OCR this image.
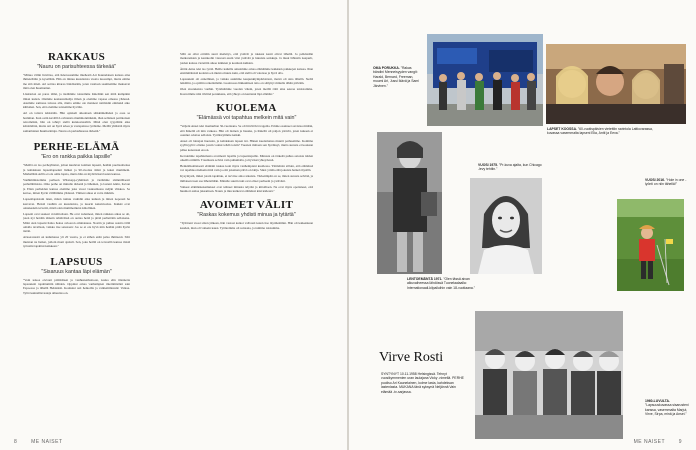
RAKKAUS
"Nauru on parisuhteessa tärkeää"

"Minua väliin huvittaa, että ikäerossamme miehestä Ari Kaunelaisen kanssa aina ihmetellään ja kysellään. Hän on minua kuusitoista vuotta nuorempi, mutta emme me sitä mieti. Ari soittaa kitaraa bändissään, joten vaatisan saamiemme maksavat mitä olen huomannut.

Läsnäolon on paras tämä, ja tiedämme toistemme ääneltäki sen mitä kumpikin ilman kuden. Olemme keskustamaltja ilman ja olemme vapaaa omassa yhdessä. Asumme samassa talossa alla, mutta emme ole mennest naimisiin emmekä aiko kihloiksi. Sen, että olemme toistemme hyvään.

Ari on taitava käsistään. Hän opiskeli aikoinaan säikkämeiheksi ja osaa se homman. Kun ostin kevällä Lovinansta mummonmökkin, ihan sellaisen perinteisen retromökin, hän on tehnyt siellä kunnostustöitä. Minä olen tyypiltäni aika kärsimätön, mutta Ari on hyvä arkea ja vastapainoa työlleme. Meillä yhdistää myös samanlainen huumorintaju. Nauru on parisuhteessa tärkeää."

PERHE-ELÄMÄ
"Ero on rankka paikka lapsille"

"Meillä on iso perheyhteisö, johon kuuluvat kolmen lapseni, heidän puolisoittensa ja kahdeksan lapsenlapsenni lisäksi ja 90-vuotias äitini ja kaksi mummeni. Miehellään Arilla ei ole omia lapsia, mutta hän on myötävässä lasten kanssa.

Vanhimmistemme perheen Whatsapp-ryhmässä ja vietämme säännöllisesti perhelähiloisia. Oma perhe on minulle tärkeää ja läheinen, ja lasteni Antin, Kevan ja Elian perheiden kanssa olemme joka vuosi vaaksamassa neljän viikkoa. Se kertoo, miten hyvin välillämme yhdessä. Viimesi aikaa ei voita mikään.

Lapsenlapsistani näen, miten tuntuu vauhdin aika kuluun ja miten nopeasti he kasvavat. Heistä vauhtin on kuusitoista, ja nuorin kaksivuotias. Kaikki ovat onnekeskin terveitä, mistä olen mummomutai kiitollinen.

Lapseni ovat saaneet avioliitoltaan. He ovat todenneet, miten rankkaa aikaa se oli, joten nyt heidän tärkein tehtävänsä on auttaa heitä ja pitää perhettään sellaisena. Minä olen lapseni halua hoksa avioeron ominaisuus. Nostin ja puhua asioita tällä omalla tavallaan, vaikka itse sanotaan: Jos se ei ole hyvä niin heidän pitää hyvin tietää.

Avioeronestä on kulumassa yli 20 vuotta, ja ei siihen enää palaa ihmisesti. Silti muistan ne hetket, jolloin moni ajatteli. Sen, joka heillä on terveellä kanssa mistä työssäni tapahtui kaikkeen."

LAPSUUS
"Sisaruus kantaa läpi elämän"

"Voin uskoa olevani pidättäisen ja vanhustenhoitoon, koska elin tilannetta lapsuuteni tapahtumiin nähden. Oppinut omaa vanhempien miettimistäni sain Espoossa ja lähellä Helsinkiä. Kouluksi asti heikoilla ja vanhemmistani: Vantaa. Tyttö kunnallisvaaleja aiheuttaa on.

Sillä on ollut erittäin suuri merkitys, että ystävät ja rakkaat kesät olivat lähellä. Jo pelkästään matkaretkien ja kesäkodin vieressä asuin viisi ystävää ja lukuisia serkkuja. Ja muut lähistön naapurit, joiden kanssa vietettiin aikaa leikkien ja kouluun kulkien.

Äitini Anne teki iso työtä. Heille kaikille annoimme omaa elämämme kaikkien paikkojen kanssa. Ihan ensimmäisistä kodeista en muista muuta kuin, että siellä oli valoisaa ja hyvä olla.

Lapsuuteni oli onnellinen, ja vaikka asuimme kaupunkiympäristössä, metsä oli aina lähellä. Siellä leikittiin, ja opittiin retkeilemään. Luonnossa liikkumisen taito on säilynyt minulla tähän päivään.

Olen sisaruksista vanhin. Tyttönämme vuoden välein, joten meillä riitti aina seuraa toisistamme. Kasvoimme niin tiiviinä porukkana, että yhteys on kantanut läpi elämän."

KUOLEMA
"Elämässä voi tapahtua melkein mitä vain"

"Veljeni Ansei teki itsemurhan 36-vuotiaana. Se oli hirvittävä tragedia. Emme osanneet aavistaa mitään, että hänellä oli niin vaikeaa. Hän oli iloinen ja hauska, ja hänellä oli paljon ystäviä, joten kukaan ei osannut odottaa sellaista. Tyrmistyimme kaikki.

Ansei oli lainajan huonoin, ja kahdeksan lapsen isä. Hänen kuolemansa muutti perheemme. Koimme syyllisyyttä: olisiko jotain voinut tehdä toisin? Vuosien mittaan sen hyväksyi, mutta surusta ei koskaan pääse kokonaan eroon.

Kerroimme tapahtumasta avoimesti lapsille ja lapsenlapsille. Minusta on tärkeää puhua asioista niiden oikeilla nimillä. Traumasta selvisi vain puhumalla, ja hyvässä yhteydessä.

Henkilökohtaisesti elämäni tuskaa koin myös vanhempieni kuollessa. Ymmärsin silloin, että elämässä voi tapahtua melkein mitä vain ja että jokainen päivä on lahja. Siksi yritän elää jokaista hetkeä täysillä.

Kysymystä, miksi jotain tapahtuu, ei tarvitse aina ratkaista. Tärkeämpää on se, miten surusta selviää, ja millaisen tuen saa läheisiltään. Minulle suurin tuki ovat olleet perheeni ja ystäväni.

Vaikeat elämänkokemukset ovat tehneet minusta nöyrän ja kiitollisen. Ne ovat myös opettaneet, että huumori auttaa jaksamaan. Nauru ja itku kulkevat elämässä käsi kädessä."

AVOIMET VÄLIT
"Raskas kokemus yhdisti minua ja tytärtä"

"Tyttäreni vuosi sitten jälkeen, hän vastasi kantoi vahvasti kuten itse myöhemmin. Hän oli kaikenkaan kauden, mun oli vaikein kausi. Tyttäremme oli sairaana, ja tuimme toisiamme.

8	ME NAISET
OMA PORUKKA. "Rakas bändini Menneisyyden vangit: Harald, Bernard, Freeman, muumi Ari, Jussi Ikävä ja Sami Järvinen."
LAPSET KOOSSA. "60-vuotispäivien vietettiin ravintola Lattiovarassa, kuvassa vasemmalta lapseni Elia, Antti ja Eeva."
LENTOEMÄNTÄ 1971. "Olen tässä aivan alkuvaiheessa lähdössä Tuonelaalaalla: Internationaali-kilpailuihin vain 18-vuotiaana."
VUOSI 1975. "Pr-kuva ajalta, kun Chicago -levy tehtiin."
VUOSI 2016. "Hole in one -lyönti on niin tähellä!"
1960-LUVULTA. "Lapsuuskuvassa sisarusteni kanssa, vasemmalta Marjut, Virve, Sirpa, minä ja Ansei."
Virve Rosti
SYNTYNYT 10.11.1958 Helsingissä. Tehnyt vuosikymmenien uran laulajana Vicky -nimellä. PERHE puoliso Ari Kaunelainen, kolme lasta, kahdeksan lastenlasta. MUKANA tänä syksynä Neljännä Vain elämää -tv-sarjassa.
ME NAISET	9
